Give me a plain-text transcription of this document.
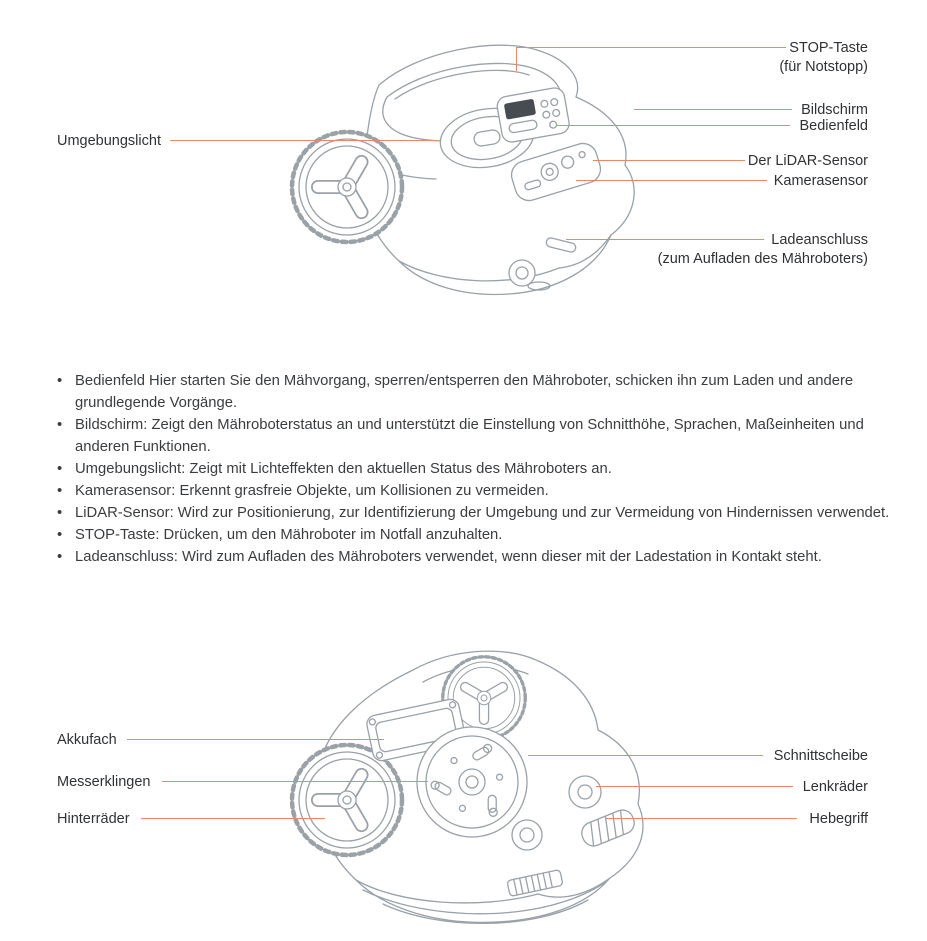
STOP-Taste
(für Notstopp)
Bildschirm
Bedienfeld
Der LiDAR-Sensor
Kamerasensor
Ladeanschluss
(zum Aufladen des Mähroboters)
Umgebungslicht
• Bedienfeld Hier starten Sie den Mähvorgang, sperren/entsperren den Mähroboter, schicken ihn zum Laden und andere grundlegende Vorgänge.
• Bildschirm: Zeigt den Mähroboterstatus an und unterstützt die Einstellung von Schnitthöhe, Sprachen, Maßeinheiten und anderen Funktionen.
• Umgebungslicht: Zeigt mit Lichteffekten den aktuellen Status des Mähroboters an.
• Kamerasensor: Erkennt grasfreie Objekte, um Kollisionen zu vermeiden.
• LiDAR-Sensor: Wird zur Positionierung, zur Identifizierung der Umgebung und zur Vermeidung von Hindernissen verwendet.
• STOP-Taste: Drücken, um den Mähroboter im Notfall anzuhalten.
• Ladeanschluss: Wird zum Aufladen des Mähroboters verwendet, wenn dieser mit der Ladestation in Kontakt steht.
Akkufach
Messerklingen
Hinterräder
Schnittscheibe
Lenkräder
Hebegriff
